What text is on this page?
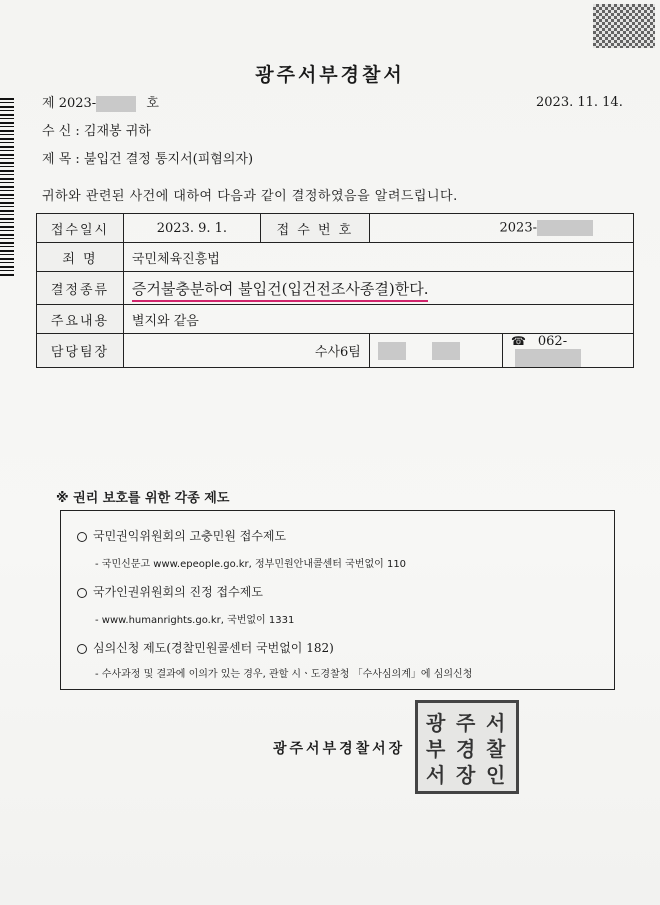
광주서부경찰서
제 2023-	호	2023. 11. 14.
수 신 : 김재봉 귀하
제 목 : 불입건 결정 통지서(피혐의자)
귀하와 관련된 사건에 대하여 다음과 같이 결정하였음을 알려드립니다.
접수일시	2023. 9. 1.	접 수 번 호	2023-	
죄 명	국민체육진흥법			
결정종류	증거불충분하여 불입건(입건전조사종결)한다.			
주요내용	별지와 같음			
담당팀장	수사6팀			☎ 062-
※ 권리 보호를 위한 각종 제도
국민권익위원회의 고충민원 접수제도
- 국민신문고 www.epeople.go.kr, 정부민원안내콜센터 국번없이 110
국가인권위원회의 진정 접수제도
- www.humanrights.go.kr, 국번없이 1331
심의신청 제도(경찰민원콜센터 국번없이 182)
- 수사과정 및 결과에 이의가 있는 경우, 관할 시ㆍ도경찰청 「수사심의계」에 심의신청
광 주 서
부 경 찰
서 장 인
광주서부경찰서장
